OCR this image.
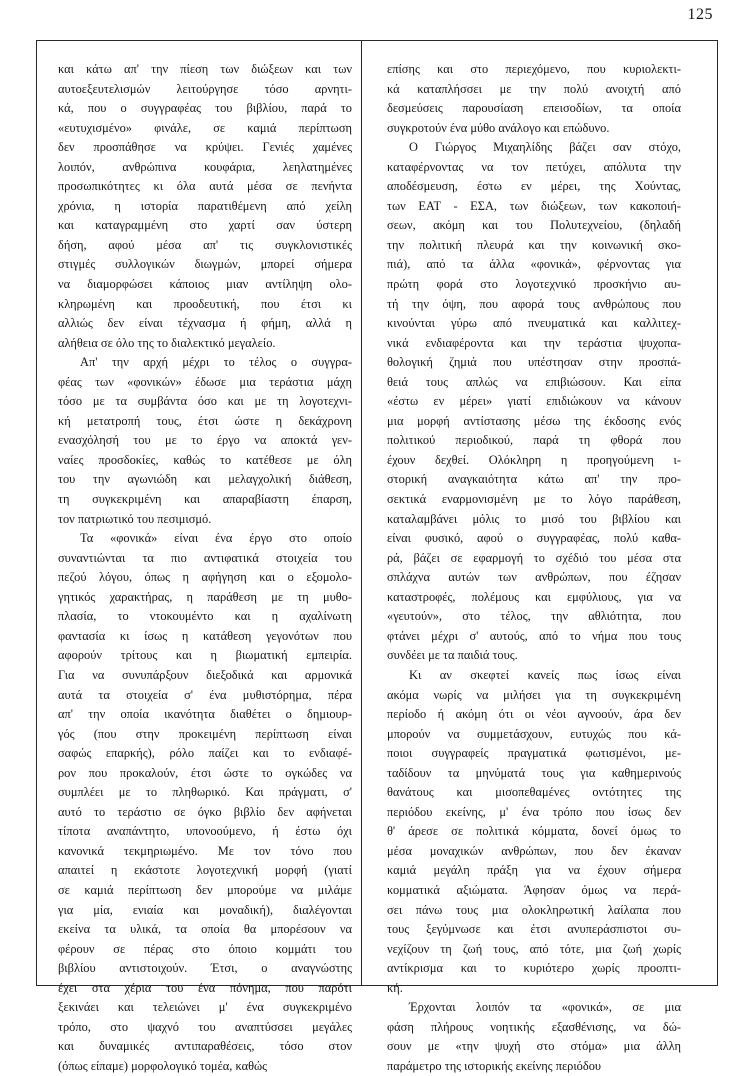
125
και κάτω απ' την πίεση των διώξεων και των
αυτοεξευτελισμών λειτούργησε τόσο αρνητι-
κά, που ο συγγραφέας του βιβλίου, παρά το
«ευτυχισμένο» φινάλε, σε καμιά περίπτωση
δεν προσπάθησε να κρύψει. Γενιές χαμένες
λοιπόν, ανθρώπινα κουφάρια, λεηλατημένες
προσωπικότητες κι όλα αυτά μέσα σε πενήντα
χρόνια, η ιστορία παρατιθέμενη από χείλη
και καταγραμμένη στο χαρτί σαν ύστερη
δήση, αφού μέσα απ' τις συγκλονιστικές
στιγμές συλλογικών διωγμών, μπορεί σήμερα
να διαμορφώσει κάποιος μιαν αντίληψη ολο-
κληρωμένη και προοδευτική, που έτσι κι
αλλιώς δεν είναι τέχνασμα ή φήμη, αλλά η
αλήθεια σε όλο της το διαλεκτικό μεγαλείο.
Απ' την αρχή μέχρι το τέλος ο συγγρα-
φέας των «φονικών» έδωσε μια τεράστια μάχη
τόσο με τα συμβάντα όσο και με τη λογοτεχνι-
κή μετατροπή τους, έτσι ώστε η δεκάχρονη
ενασχόλησή του με το έργο να αποκτά γεν-
ναίες προσδοκίες, καθώς το κατέθεσε με όλη
του την αγωνιώδη και μελαγχολική διάθεση,
τη συγκεκριμένη και απαραβίαστη έπαρση,
τον πατριωτικό του πεσιμισμό.
Τα «φονικά» είναι ένα έργο στο οποίο
συναντιώνται τα πιο αντιφατικά στοιχεία του
πεζού λόγου, όπως η αφήγηση και ο εξομολο-
γητικός χαρακτήρας, η παράθεση με τη μυθο-
πλασία, το ντοκουμέντο και η αχαλίνωτη
φαντασία κι ίσως η κατάθεση γεγονότων που
αφορούν τρίτους και η βιωματική εμπειρία.
Για να συνυπάρξουν διεξοδικά και αρμονικά
αυτά τα στοιχεία σ' ένα μυθιστόρημα, πέρα
απ' την οποία ικανότητα διαθέτει ο δημιουρ-
γός (που στην προκειμένη περίπτωση είναι
σαφώς επαρκής), ρόλο παίζει και το ενδιαφέ-
ρον που προκαλούν, έτσι ώστε το ογκώδες να
συμπλέει με το πληθωρικό. Και πράγματι, σ'
αυτό το τεράστιο σε όγκο βιβλίο δεν αφήνεται
τίποτα αναπάντητο, υπονοούμενο, ή έστω όχι
κανονικά τεκμηριωμένο. Με τον τόνο που
απαιτεί η εκάστοτε λογοτεχνική μορφή (γιατί
σε καμιά περίπτωση δεν μπορούμε να μιλάμε
για μία, ενιαία και μοναδική), διαλέγονται
εκείνα τα υλικά, τα οποία θα μπορέσουν να
φέρουν σε πέρας στο όποιο κομμάτι του
βιβλίου αντιστοιχούν. Έτσι, ο αναγνώστης
έχει στα χέρια του ένα πόνημα, που παρότι
ξεκινάει και τελειώνει μ' ένα συγκεκριμένο
τρόπο, στο ψαχνό του αναπτύσσει μεγάλες
και δυναμικές αντιπαραθέσεις, τόσο στον
(όπως είπαμε) μορφολογικό τομέα, καθώς
επίσης και στο περιεχόμενο, που κυριολεκτι-
κά καταπλήσσει με την πολύ ανοιχτή από
δεσμεύσεις παρουσίαση επεισοδίων, τα οποία
συγκροτούν ένα μύθο ανάλογο και επώδυνο.
Ο Γιώργος Μιχαηλίδης βάζει σαν στόχο,
καταφέρνοντας να τον πετύχει, απόλυτα την
αποδέσμευση, έστω εν μέρει, της Χούντας,
των ΕΑΤ - ΕΣΑ, των διώξεων, των κακοποιή-
σεων, ακόμη και του Πολυτεχνείου, (δηλαδή
την πολιτική πλευρά και την κοινωνική σκο-
πιά), από τα άλλα «φονικά», φέρνοντας για
πρώτη φορά στο λογοτεχνικό προσκήνιο αυ-
τή την όψη, που αφορά τους ανθρώπους που
κινούνται γύρω από πνευματικά και καλλιτεχ-
νικά ενδιαφέροντα και την τεράστια ψυχοπα-
θολογική ζημιά που υπέστησαν στην προσπά-
θειά τους απλώς να επιβιώσουν. Και είπα
«έστω εν μέρει» γιατί επιδιώκουν να κάνουν
μια μορφή αντίστασης μέσω της έκδοσης ενός
πολιτικού περιοδικού, παρά τη φθορά που
έχουν δεχθεί. Ολόκληρη η προηγούμενη ι-
στορική αναγκαιότητα κάτω απ' την προ-
σεκτικά εναρμονισμένη με το λόγο παράθεση,
καταλαμβάνει μόλις το μισό του βιβλίου και
είναι φυσικό, αφού ο συγγραφέας, πολύ καθα-
ρά, βάζει σε εφαρμογή το σχέδιό του μέσα στα
σπλάχνα αυτών των ανθρώπων, που έζησαν
καταστροφές, πολέμους και εμφύλιους, για να
«γευτούν», στο τέλος, την αθλιότητα, που
φτάνει μέχρι σ' αυτούς, από το νήμα που τους
συνδέει με τα παιδιά τους.
Κι αν σκεφτεί κανείς πως ίσως είναι
ακόμα νωρίς να μιλήσει για τη συγκεκριμένη
περίοδο ή ακόμη ότι οι νέοι αγνοούν, άρα δεν
μπορούν να συμμετάσχουν, ευτυχώς που κά-
ποιοι συγγραφείς πραγματικά φωτισμένοι, με-
ταδίδουν τα μηνύματά τους για καθημερινούς
θανάτους και μισοπεθαμένες οντότητες της
περιόδου εκείνης, μ' ένα τρόπο που ίσως δεν
θ' άρεσε σε πολιτικά κόμματα, δονεί όμως το
μέσα μοναχικών ανθρώπων, που δεν έκαναν
καμιά μεγάλη πράξη για να έχουν σήμερα
κομματικά αξιώματα. Άφησαν όμως να περά-
σει πάνω τους μια ολοκληρωτική λαίλαπα που
τους ξεγύμνωσε και έτσι ανυπεράσπιστοι συ-
νεχίζουν τη ζωή τους, από τότε, μια ζωή χωρίς
αντίκρισμα και το κυριότερο χωρίς προοπτι-
κή.
Έρχονται λοιπόν τα «φονικά», σε μια
φάση πλήρους νοητικής εξασθένισης, να δώ-
σουν με «την ψυχή στο στόμα» μια άλλη
παράμετρο της ιστορικής εκείνης περιόδου
